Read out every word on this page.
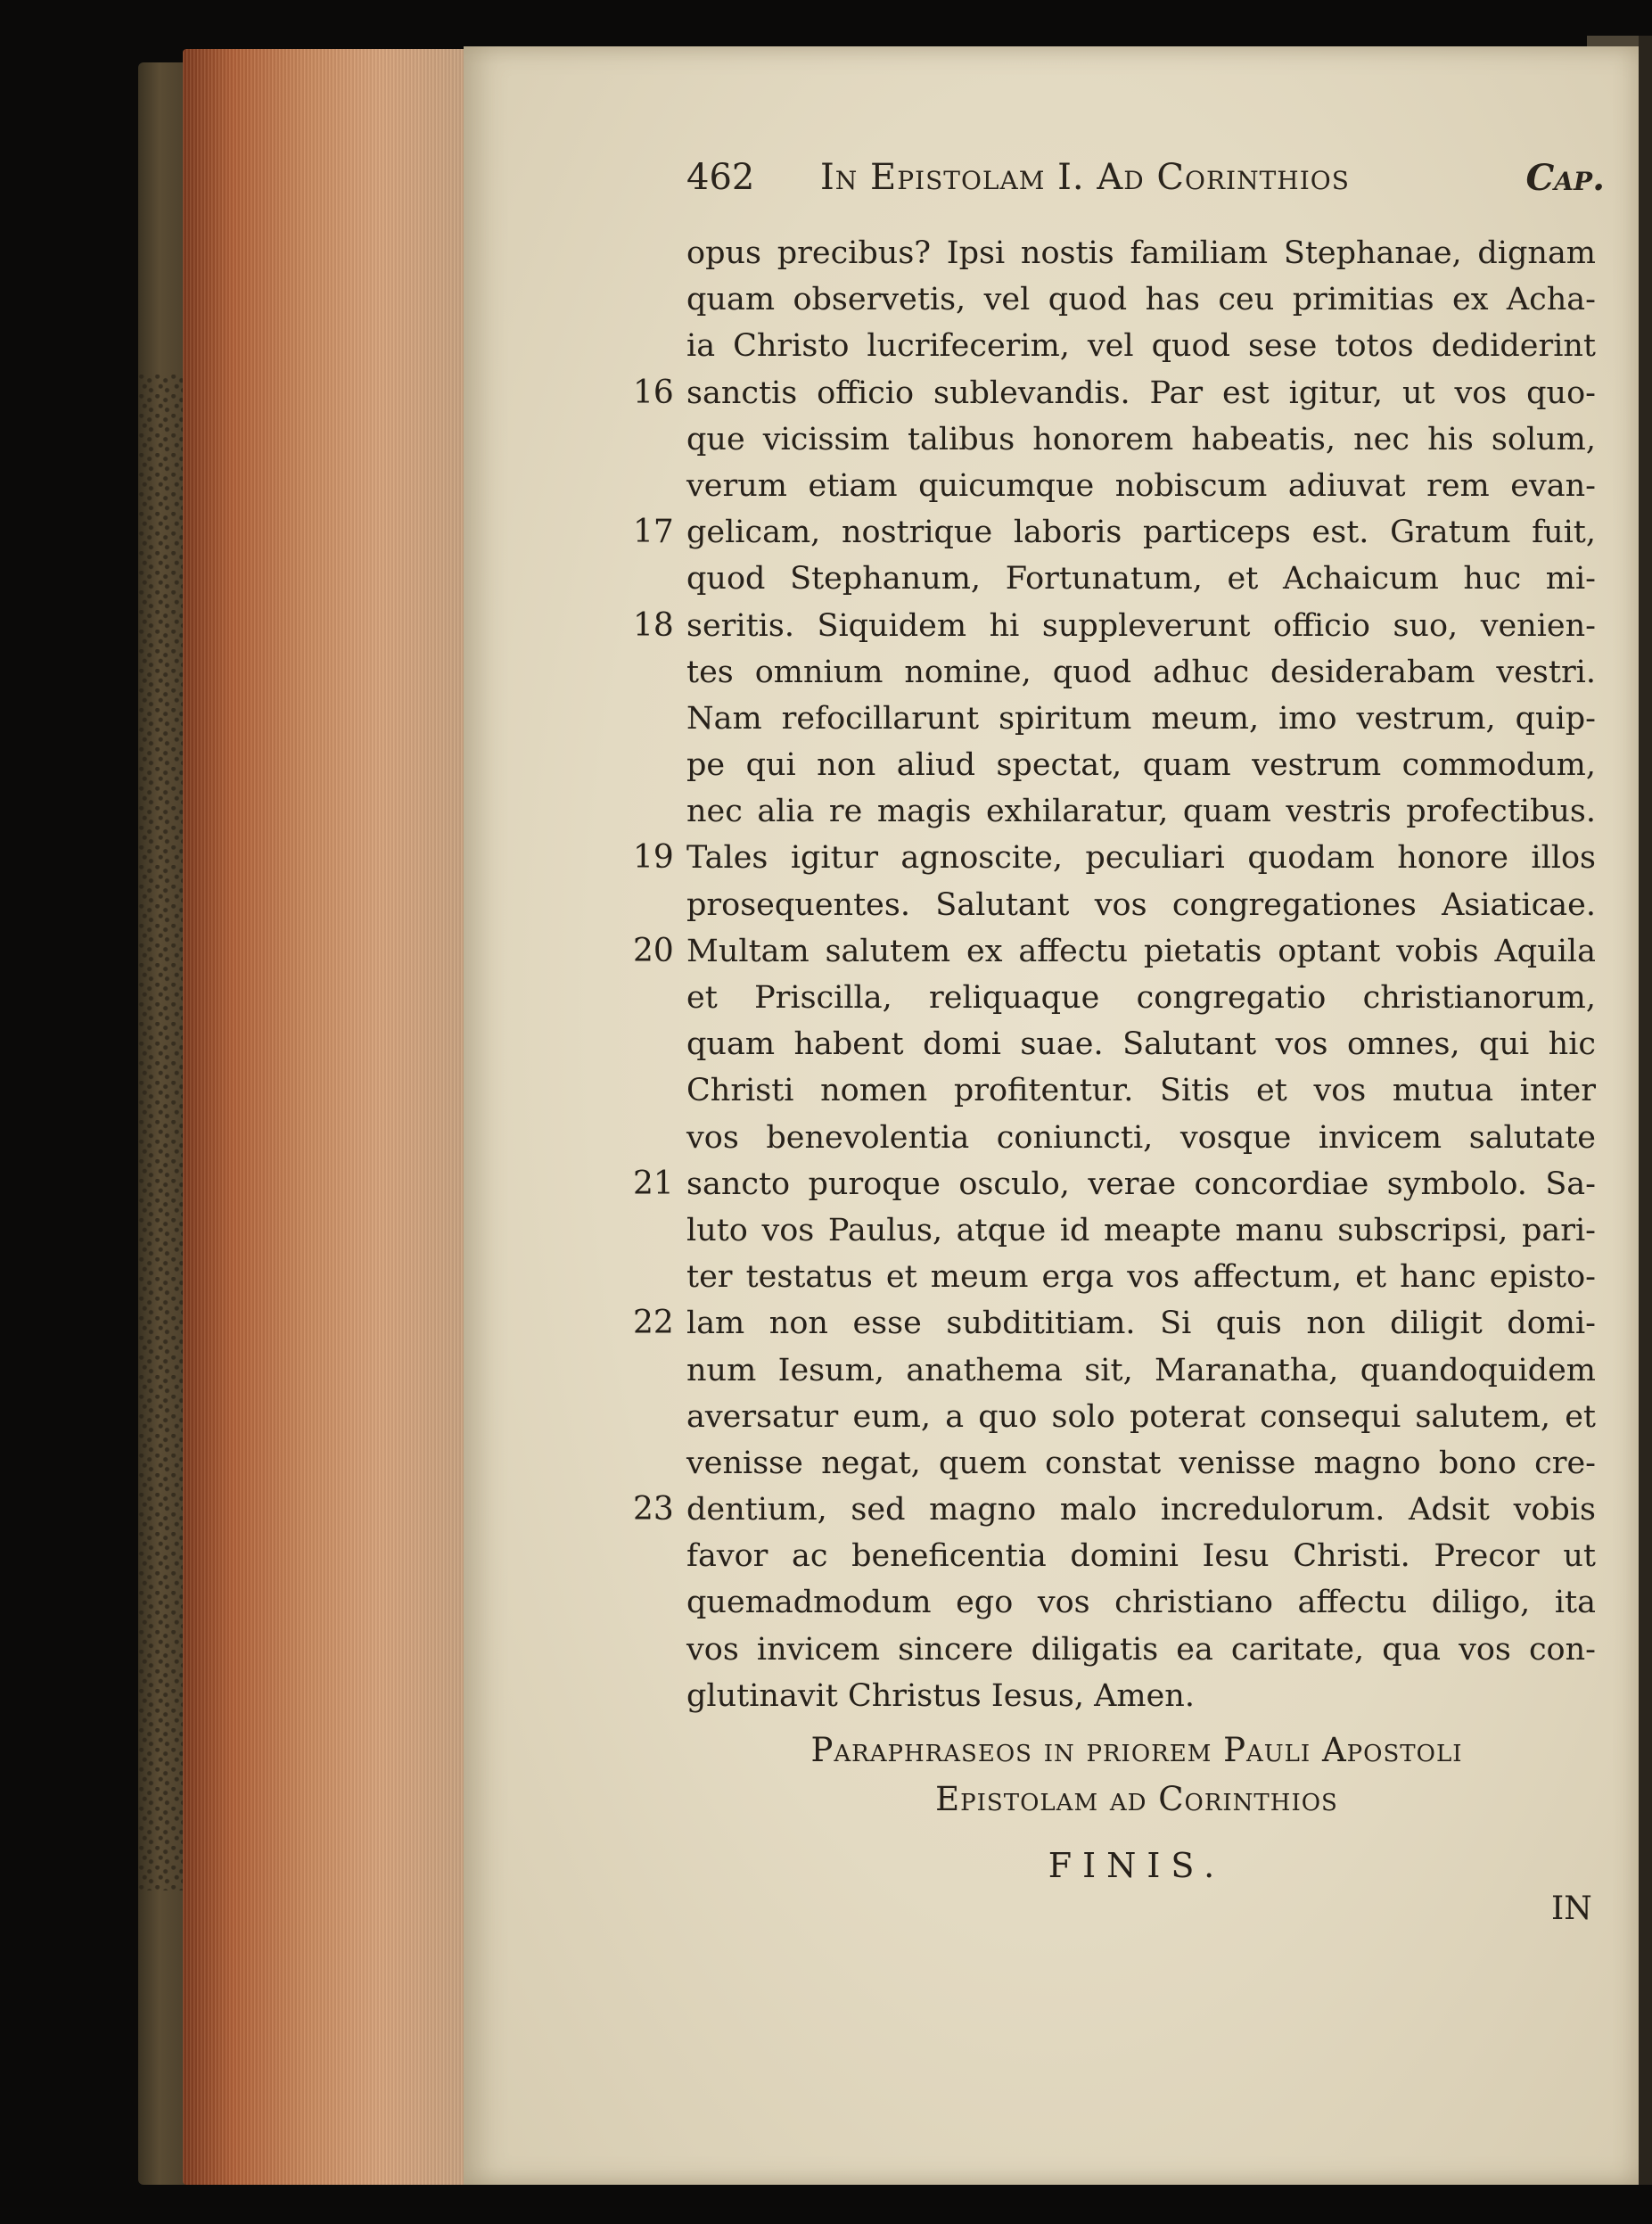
462 In Epistolam I. Ad Corinthios	Cap.
opus precibus? Ipsi nostis familiam Stephanae, dignam
quam observetis, vel quod has ceu primitias ex Acha-
ia Christo lucrifecerim, vel quod sese totos dediderint
16 sanctis officio sublevandis. Par est igitur, ut vos quo-
que vicissim talibus honorem habeatis, nec his solum,
verum etiam quicumque nobiscum adiuvat rem evan-
17 gelicam, nostrique laboris particeps est. Gratum fuit,
quod Stephanum, Fortunatum, et Achaicum huc mi-
18 seritis. Siquidem hi suppleverunt officio suo, venien-
tes omnium nomine, quod adhuc desiderabam vestri.
Nam refocillarunt spiritum meum, imo vestrum, quip-
pe qui non aliud spectat, quam vestrum commodum,
nec alia re magis exhilaratur, quam vestris profectibus.
19 Tales igitur agnoscite, peculiari quodam honore illos
prosequentes. Salutant vos congregationes Asiaticae.
20 Multam salutem ex affectu pietatis optant vobis Aquila
et Priscilla, reliquaque congregatio christianorum,
quam habent domi suae. Salutant vos omnes, qui hic
Christi nomen profitentur. Sitis et vos mutua inter
vos benevolentia coniuncti, vosque invicem salutate
21 sancto puroque osculo, verae concordiae symbolo. Sa-
luto vos Paulus, atque id meapte manu subscripsi, pari-
ter testatus et meum erga vos affectum, et hanc episto-
22 lam non esse subdititiam. Si quis non diligit domi-
num Iesum, anathema sit, Maranatha, quandoquidem
aversatur eum, a quo solo poterat consequi salutem, et
venisse negat, quem constat venisse magno bono cre-
23 dentium, sed magno malo incredulorum. Adsit vobis
favor ac beneficentia domini Iesu Christi. Precor ut
quemadmodum ego vos christiano affectu diligo, ita
vos invicem sincere diligatis ea caritate, qua vos con-
glutinavit Christus Iesus, Amen.
Paraphraseos in priorem Pauli Apostoli
Epistolam ad Corinthios
FINIS.
IN
